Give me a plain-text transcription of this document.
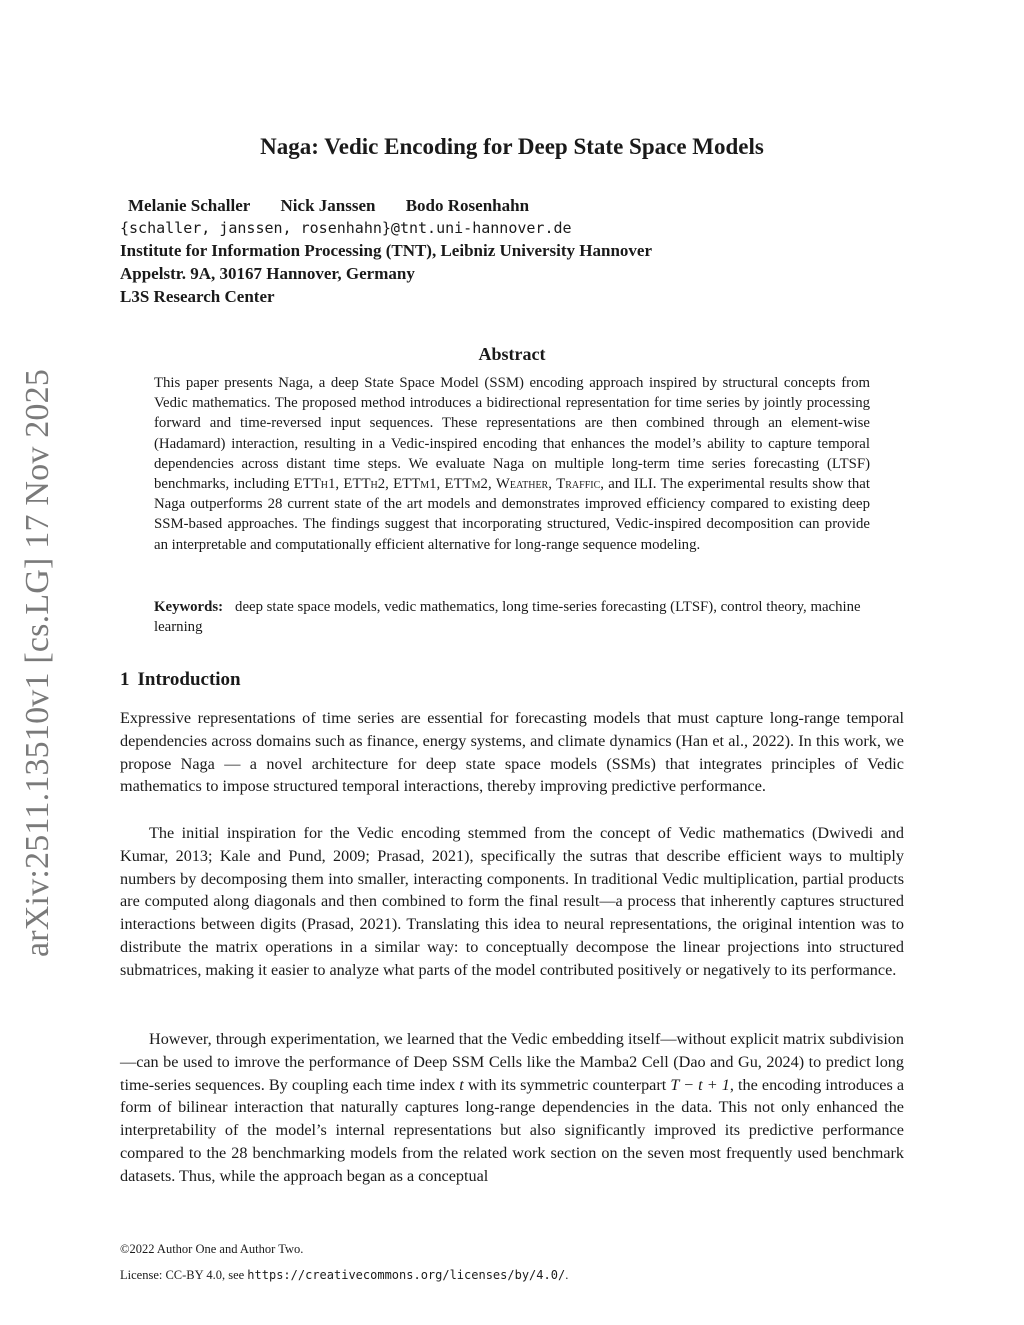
arXiv:2511.13510v1 [cs.LG] 17 Nov 2025
Naga: Vedic Encoding for Deep State Space Models
Melanie Schaller Nick Janssen Bodo Rosenhahn
{schaller, janssen, rosenhahn}@tnt.uni-hannover.de
Institute for Information Processing (TNT), Leibniz University Hannover
Appelstr. 9A, 30167 Hannover, Germany
L3S Research Center
Abstract
This paper presents Naga, a deep State Space Model (SSM) encoding approach inspired by structural concepts from Vedic mathematics. The proposed method introduces a bidirectional representation for time series by jointly processing forward and time-reversed input sequences. These representations are then combined through an element-wise (Hadamard) interaction, resulting in a Vedic-inspired encoding that enhances the model’s ability to capture temporal dependencies across distant time steps. We evaluate Naga on multiple long-term time series forecasting (LTSF) benchmarks, including ETTh1, ETTh2, ETTm1, ETTm2, Weather, Traffic, and ILI. The experimental results show that Naga outperforms 28 current state of the art models and demonstrates improved efficiency compared to existing deep SSM-based approaches. The findings suggest that incorporating structured, Vedic-inspired decomposition can provide an interpretable and computationally efficient alternative for long-range sequence modeling.
Keywords: deep state space models, vedic mathematics, long time-series forecasting (LTSF), control theory, machine learning
1 Introduction

Expressive representations of time series are essential for forecasting models that must capture long-range temporal dependencies across domains such as finance, energy systems, and climate dynamics (Han et al., 2022). In this work, we propose Naga — a novel architecture for deep state space models (SSMs) that integrates principles of Vedic mathematics to impose structured temporal interactions, thereby improving predictive performance.

The initial inspiration for the Vedic encoding stemmed from the concept of Vedic mathematics (Dwivedi and Kumar, 2013; Kale and Pund, 2009; Prasad, 2021), specifically the sutras that describe efficient ways to multiply numbers by decomposing them into smaller, interacting components. In traditional Vedic multiplication, partial products are computed along diagonals and then combined to form the final result—a process that inherently captures structured interactions between digits (Prasad, 2021). Translating this idea to neural representations, the original intention was to distribute the matrix operations in a similar way: to conceptually decompose the linear projections into structured submatrices, making it easier to analyze what parts of the model contributed positively or negatively to its performance.

However, through experimentation, we learned that the Vedic embedding itself—without explicit matrix subdivision—can be used to imrove the performance of Deep SSM Cells like the Mamba2 Cell (Dao and Gu, 2024) to predict long time-series sequences. By coupling each time index t with its symmetric counterpart T − t + 1, the encoding introduces a form of bilinear interaction that naturally captures long-range dependencies in the data. This not only enhanced the interpretability of the model’s internal representations but also significantly improved its predictive performance compared to the 28 benchmarking models from the related work section on the seven most frequently used benchmark datasets. Thus, while the approach began as a conceptual

©2022 Author One and Author Two.
License: CC-BY 4.0, see https://creativecommons.org/licenses/by/4.0/.
